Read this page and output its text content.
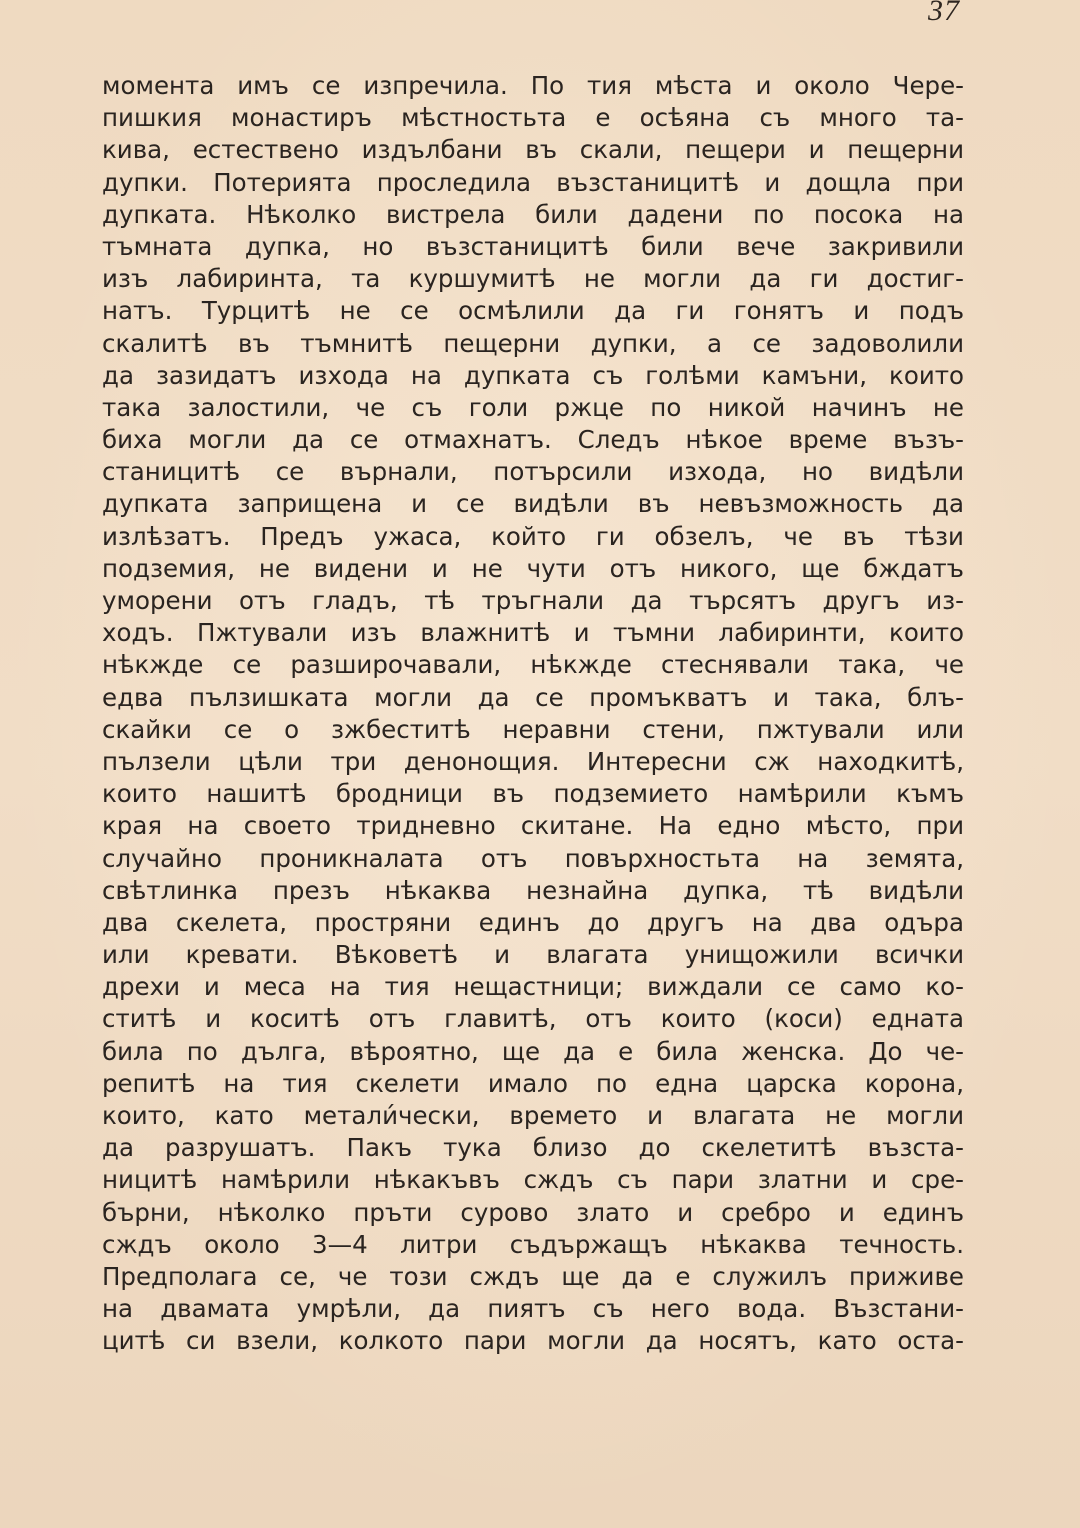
37
момента имъ се изпречила. По тия мѣста и около Чере-
пишкия монастиръ мѣстностьта е осѣяна съ много та-
кива, естествено издълбани въ скали, пещери и пещерни
дупки. Потерията проследила възстаницитѣ и дощла при
дупката. Нѣколко вистрела били дадени по посока на
тъмната дупка, но възстаницитѣ били вече закривили
изъ лабиринта, та куршумитѣ не могли да ги достиг-
натъ. Турцитѣ не се осмѣлили да ги гонятъ и подъ
скалитѣ въ тъмнитѣ пещерни дупки, а се задоволили
да зазидатъ изхода на дупката съ голѣми камъни, които
така залостили, че съ голи ржце по никой начинъ не
биха могли да се отмахнатъ. Следъ нѣкое време възъ-
станицитѣ се върнали, потърсили изхода, но видѣли
дупката заприщена и се видѣли въ невъзможность да
излѣзатъ. Предъ ужаса, който ги обзелъ, че въ тѣзи
подземия, не видени и не чути отъ никого, ще бждатъ
уморени отъ гладъ, тѣ тръгнали да търсятъ другъ из-
ходъ. Пжтували изъ влажнитѣ и тъмни лабиринти, които
нѣкжде се разширочавали, нѣкжде стеснявали така, че
едва пълзишката могли да се промъкватъ и така, блъ-
скайки се о зжбеститѣ неравни стени, пжтували или
пълзели цѣли три денонощия. Интересни сж находкитѣ,
които нашитѣ бродници въ подземието намѣрили къмъ
края на своето тридневно скитане. На едно мѣсто, при
случайно проникналата отъ повърхностьта на земята,
свѣтлинка презъ нѣкаква незнайна дупка, тѣ видѣли
два скелета, простряни единъ до другъ на два одъра
или кревати. Вѣковетѣ и влагата унищожили всички
дрехи и меса на тия нещастници; виждали се само ко-
ститѣ и коситѣ отъ главитѣ, отъ които (коси) едната
била по дълга, вѣроятно, ще да е била женска. До че-
репитѣ на тия скелети имало по една царска корона,
които, като метали́чески, времето и влагата не могли
да разрушатъ. Пакъ тука близо до скелетитѣ възста-
ницитѣ намѣрили нѣкакъвъ сждъ съ пари златни и сре-
бърни, нѣколко пръти сурово злато и сребро и единъ
сждъ около 3—4 литри съдържащъ нѣкаква течность.
Предполага се, че този сждъ ще да е служилъ приживе
на двамата умрѣли, да пиятъ съ него вода. Възстани-
цитѣ си взели, колкото пари могли да носятъ, като оста-
